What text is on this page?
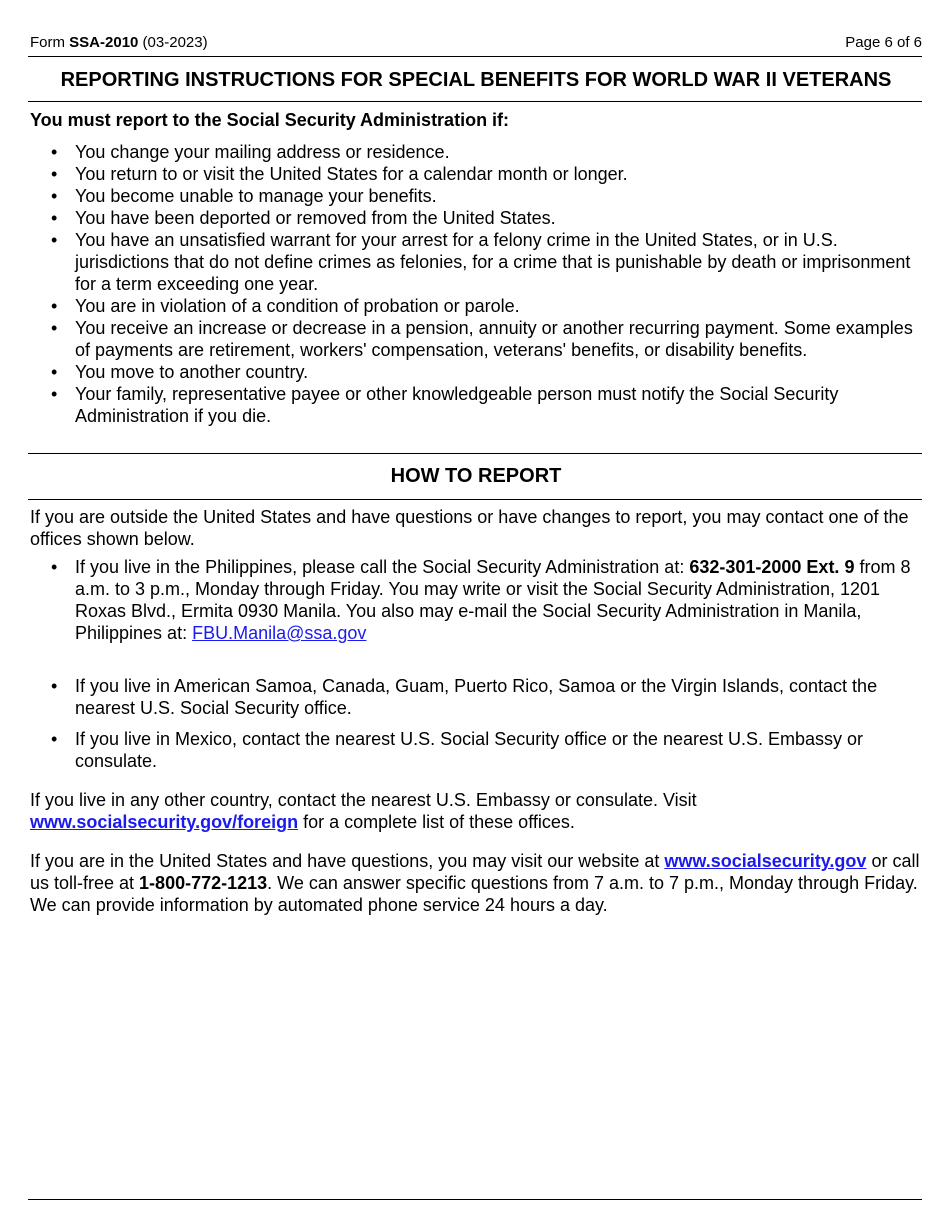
Form SSA-2010 (03-2023)	Page 6 of 6
REPORTING INSTRUCTIONS FOR SPECIAL BENEFITS FOR WORLD WAR II VETERANS
You must report to the Social Security Administration if:
• You change your mailing address or residence.
• You return to or visit the United States for a calendar month or longer.
• You become unable to manage your benefits.
• You have been deported or removed from the United States.
• You have an unsatisfied warrant for your arrest for a felony crime in the United States, or in U.S. jurisdictions that do not define crimes as felonies, for a crime that is punishable by death or imprisonment for a term exceeding one year.
• You are in violation of a condition of probation or parole.
• You receive an increase or decrease in a pension, annuity or another recurring payment. Some examples of payments are retirement, workers' compensation, veterans' benefits, or disability benefits.
• You move to another country.
• Your family, representative payee or other knowledgeable person must notify the Social Security Administration if you die.
HOW TO REPORT
If you are outside the United States and have questions or have changes to report, you may contact one of the offices shown below.
• If you live in the Philippines, please call the Social Security Administration at: 632-301-2000 Ext. 9 from 8 a.m. to 3 p.m., Monday through Friday. You may write or visit the Social Security Administration, 1201 Roxas Blvd., Ermita 0930 Manila. You also may e-mail the Social Security Administration in Manila, Philippines at: FBU.Manila@ssa.gov
• If you live in American Samoa, Canada, Guam, Puerto Rico, Samoa or the Virgin Islands, contact the nearest U.S. Social Security office.
• If you live in Mexico, contact the nearest U.S. Social Security office or the nearest U.S. Embassy or consulate.
If you live in any other country, contact the nearest U.S. Embassy or consulate. Visit www.socialsecurity.gov/foreign for a complete list of these offices.
If you are in the United States and have questions, you may visit our website at www.socialsecurity.gov or call us toll-free at 1-800-772-1213. We can answer specific questions from 7 a.m. to 7 p.m., Monday through Friday. We can provide information by automated phone service 24 hours a day.
